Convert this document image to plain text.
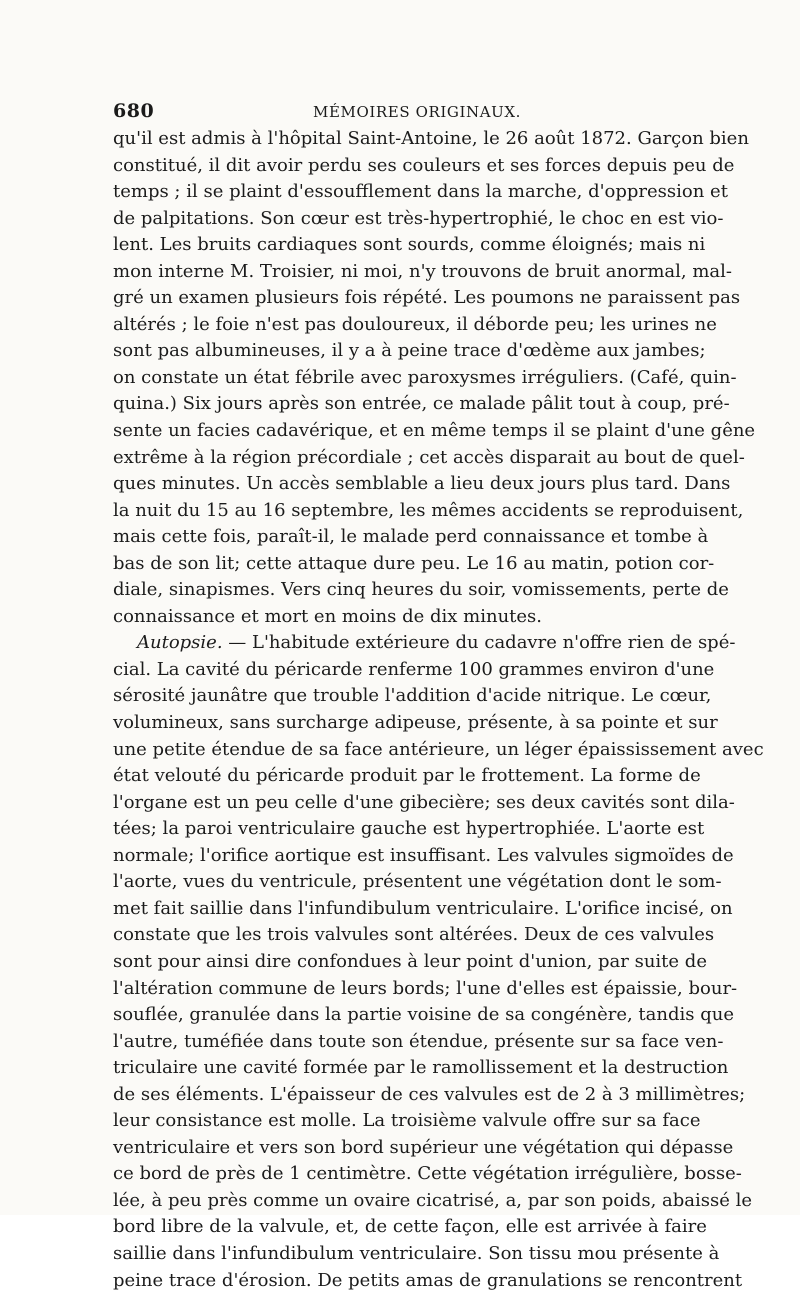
680	MÉMOIRES ORIGINAUX.
qu'il est admis à l'hôpital Saint-Antoine, le 26 août 1872. Garçon bien
constitué, il dit avoir perdu ses couleurs et ses forces depuis peu de
temps ; il se plaint d'essoufflement dans la marche, d'oppression et
de palpitations. Son cœur est très-hypertrophié, le choc en est vio-
lent. Les bruits cardiaques sont sourds, comme éloignés; mais ni
mon interne M. Troisier, ni moi, n'y trouvons de bruit anormal, mal-
gré un examen plusieurs fois répété. Les poumons ne paraissent pas
altérés ; le foie n'est pas douloureux, il déborde peu; les urines ne
sont pas albumineuses, il y a à peine trace d'œdème aux jambes;
on constate un état fébrile avec paroxysmes irréguliers. (Café, quin-
quina.) Six jours après son entrée, ce malade pâlit tout à coup, pré-
sente un facies cadavérique, et en même temps il se plaint d'une gêne
extrême à la région précordiale ; cet accès disparait au bout de quel-
ques minutes. Un accès semblable a lieu deux jours plus tard. Dans
la nuit du 15 au 16 septembre, les mêmes accidents se reproduisent,
mais cette fois, paraît-il, le malade perd connaissance et tombe à
bas de son lit; cette attaque dure peu. Le 16 au matin, potion cor-
diale, sinapismes. Vers cinq heures du soir, vomissements, perte de
connaissance et mort en moins de dix minutes.
Autopsie. — L'habitude extérieure du cadavre n'offre rien de spé-
cial. La cavité du péricarde renferme 100 grammes environ d'une
sérosité jaunâtre que trouble l'addition d'acide nitrique. Le cœur,
volumineux, sans surcharge adipeuse, présente, à sa pointe et sur
une petite étendue de sa face antérieure, un léger épaississement avec
état velouté du péricarde produit par le frottement. La forme de
l'organe est un peu celle d'une gibecière; ses deux cavités sont dila-
tées; la paroi ventriculaire gauche est hypertrophiée. L'aorte est
normale; l'orifice aortique est insuffisant. Les valvules sigmoïdes de
l'aorte, vues du ventricule, présentent une végétation dont le som-
met fait saillie dans l'infundibulum ventriculaire. L'orifice incisé, on
constate que les trois valvules sont altérées. Deux de ces valvules
sont pour ainsi dire confondues à leur point d'union, par suite de
l'altération commune de leurs bords; l'une d'elles est épaissie, bour-
souflée, granulée dans la partie voisine de sa congénère, tandis que
l'autre, tuméfiée dans toute son étendue, présente sur sa face ven-
triculaire une cavité formée par le ramollissement et la destruction
de ses éléments. L'épaisseur de ces valvules est de 2 à 3 millimètres;
leur consistance est molle. La troisième valvule offre sur sa face
ventriculaire et vers son bord supérieur une végétation qui dépasse
ce bord de près de 1 centimètre. Cette végétation irrégulière, bosse-
lée, à peu près comme un ovaire cicatrisé, a, par son poids, abaissé le
bord libre de la valvule, et, de cette façon, elle est arrivée à faire
saillie dans l'infundibulum ventriculaire. Son tissu mou présente à
peine trace d'érosion. De petits amas de granulations se rencontrent
